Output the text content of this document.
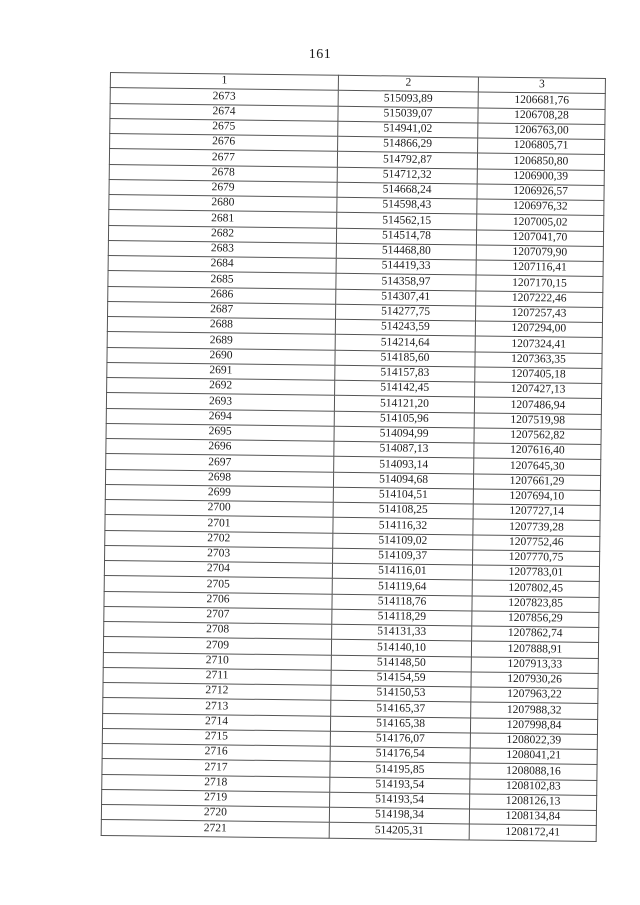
161
1	2	3
2673	515093,89	1206681,76
2674	515039,07	1206708,28
2675	514941,02	1206763,00
2676	514866,29	1206805,71
2677	514792,87	1206850,80
2678	514712,32	1206900,39
2679	514668,24	1206926,57
2680	514598,43	1206976,32
2681	514562,15	1207005,02
2682	514514,78	1207041,70
2683	514468,80	1207079,90
2684	514419,33	1207116,41
2685	514358,97	1207170,15
2686	514307,41	1207222,46
2687	514277,75	1207257,43
2688	514243,59	1207294,00
2689	514214,64	1207324,41
2690	514185,60	1207363,35
2691	514157,83	1207405,18
2692	514142,45	1207427,13
2693	514121,20	1207486,94
2694	514105,96	1207519,98
2695	514094,99	1207562,82
2696	514087,13	1207616,40
2697	514093,14	1207645,30
2698	514094,68	1207661,29
2699	514104,51	1207694,10
2700	514108,25	1207727,14
2701	514116,32	1207739,28
2702	514109,02	1207752,46
2703	514109,37	1207770,75
2704	514116,01	1207783,01
2705	514119,64	1207802,45
2706	514118,76	1207823,85
2707	514118,29	1207856,29
2708	514131,33	1207862,74
2709	514140,10	1207888,91
2710	514148,50	1207913,33
2711	514154,59	1207930,26
2712	514150,53	1207963,22
2713	514165,37	1207988,32
2714	514165,38	1207998,84
2715	514176,07	1208022,39
2716	514176,54	1208041,21
2717	514195,85	1208088,16
2718	514193,54	1208102,83
2719	514193,54	1208126,13
2720	514198,34	1208134,84
2721	514205,31	1208172,41
